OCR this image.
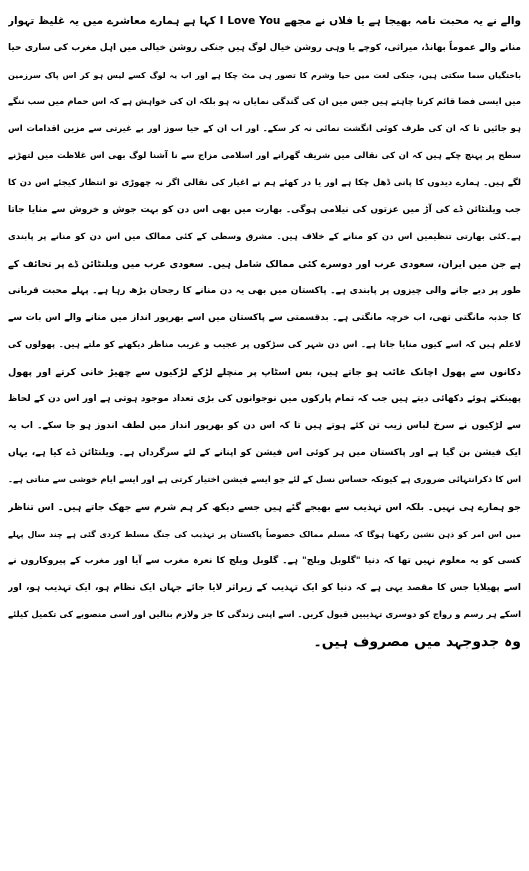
والے نے یہ محبت نامہ بھیجا ہے یا فلاں نے مجھے I Love You کہا ہے ہمارے معاشرے میں یہ غلیظ تہوار
منانے والے عموماً بھانڈ، میراثی، کوچے یا وہی روشن خیال لوگ ہیں جنکی روشن خیالی میں اہل مغرب کی ساری حیا
باختگیاں سما سکتی ہیں، جنکی لغت میں حیا وشرم کا تصور ہی مٹ چکا ہے اور اب یہ لوگ کسے لیس ہو کر اس پاک سرزمین
میں ایسی فضا قائم کرنا چاہتے ہیں جس میں ان کی گندگی نمایاں نہ ہو بلکہ ان کی خواہش ہے کہ اس حمام میں سب ننگے
ہو جائیں تا کہ ان کی طرف کوئی انگشت نمائی نہ کر سکے۔ اور اب ان کے حیا سوز اور بے غیرتی سے مزین اقدامات اس
سطح پر پہنچ چکے ہیں کہ ان کی نقالی میں شریف گھرانے اور اسلامی مزاج سے نا آشنا لوگ بھی اس غلاظت میں لتھڑنے
لگے ہیں۔ ہمارے دیدوں کا پانی ڈھل چکا ہے اور یا در کھئے ہم نے اغیار کی نقالی اگر نہ چھوڑی تو انتظار کیجئے اس دن کا
جب ویلنٹائن ڈے کی آڑ میں عزتوں کی نیلامی ہوگی۔ بھارت میں بھی اس دن کو بہت جوش و خروش سے منایا جاتا
ہے۔کئی بھارتی تنظیمیں اس دن کو منانے کے خلاف ہیں۔ مشرق وسطی کے کئی ممالک میں اس دن کو منانے پر پابندی
ہے جن میں ایران، سعودی عرب اور دوسرے کئی ممالک شامل ہیں۔ سعودی عرب میں ویلنٹائن ڈے پر تحائف کے
طور پر دیے جانے والی چیزوں پر پابندی ہے۔ پاکستان میں بھی یہ دن منانے کا رجحان بڑھ رہا ہے۔ پہلے محبت قربانی
کا جذبہ مانگتی تھی، اب خرچہ مانگتی ہے۔ بدقسمتی سے پاکستان میں اسے بھرپور انداز میں منانے والے اس بات سے
لاعلم ہیں کہ اسے کیوں منایا جاتا ہے۔ اس دن شہر کی سڑکوں پر عجیب و غریب مناظر دیکھنے کو ملتے ہیں۔ پھولوں کی
دکانوں سے پھول اچانک غائب ہو جاتے ہیں، بس اسٹاپ پر منچلے لڑکے لڑکیوں سے چھیڑ خانی کرتے اور پھول
پھینکتے ہوئے دکھائی دیتے ہیں جب کہ تمام پارکوں میں نوجوانوں کی بڑی تعداد موجود ہوتی ہے اور اس دن کے لحاظ
سے لڑکیوں نے سرخ لباس زیب تن کئے ہوتے ہیں تا کہ اس دن کو بھرپور انداز میں لطف اندوز ہو جا سکے۔ اب یہ
ایک فیشن بن گیا ہے اور پاکستان میں ہر کوئی اس فیشن کو اپنانے کے لئے سرگرداں ہے۔ ویلنٹائن ڈے کیا ہے، یہاں
اس کا ذکرانتہائی ضروری ہے کیونکہ حساس نسل کے لئے جو ایسے فیشن اختیار کرتی ہے اور ایسے ایام خوشی سے مناتی ہے۔
جو ہمارے ہی نہیں۔ بلکہ اس تہذیب سے بھیجے گئے ہیں جسے دیکھ کر ہم شرم سے جھک جاتے ہیں۔ اس تناظر
میں اس امر کو ذہن نشین رکھنا ہوگا کہ مسلم ممالک خصوصاً پاکستان پر تہذیب کی جنگ مسلط کردی گئی ہے چند سال پہلے
کسی کو یہ معلوم نہیں تھا کہ دنیا "گلوبل ویلج" ہے۔ گلوبل ویلج کا نعرہ مغرب سے آیا اور مغرب کے پیروکاروں نے
اسے پھیلایا جس کا مقصد یہی ہے کہ دنیا کو ایک تہذیب کے زیراثر لایا جائے جہاں ایک نظام ہو، ایک تہذیب ہو، اور
اسکے ہر رسم و رواج کو دوسری تہذیبیں قبول کریں۔ اسے اپنی زندگی کا جز ولازم بنالیں اور اسی منصوبے کی تکمیل کیلئے
وہ جدوجہد میں مصروف ہیں۔
